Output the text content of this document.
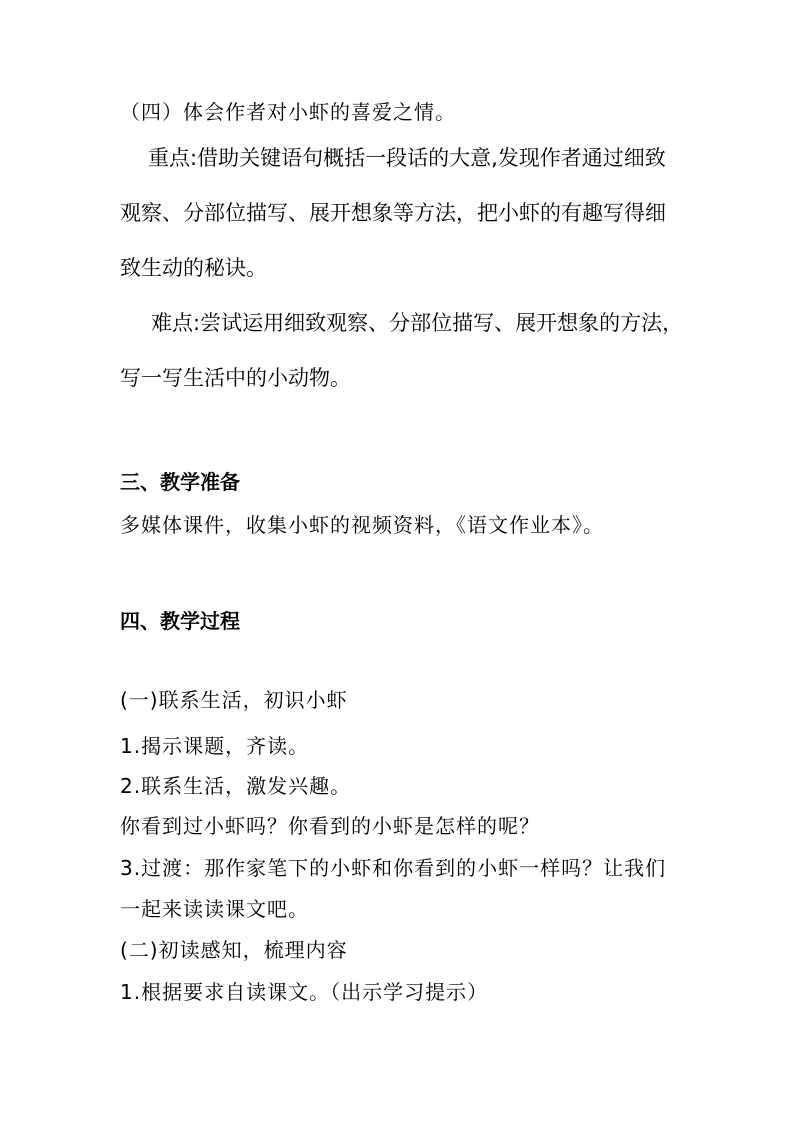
（四）体会作者对小虾的喜爱之情。
重点:借助关键语句概括一段话的大意,发现作者通过细致
观察、分部位描写、展开想象等方法，把小虾的有趣写得细
致生动的秘诀。
难点:尝试运用细致观察、分部位描写、展开想象的方法，
写一写生活中的小动物。
三、教学准备
多媒体课件，收集小虾的视频资料，《语文作业本》。
四、教学过程
(一)联系生活，初识小虾
1.揭示课题，齐读。
2.联系生活，激发兴趣。
你看到过小虾吗？你看到的小虾是怎样的呢？
3.过渡：那作家笔下的小虾和你看到的小虾一样吗？让我们
一起来读读课文吧。
(二)初读感知，梳理内容
1.根据要求自读课文。（出示学习提示）
